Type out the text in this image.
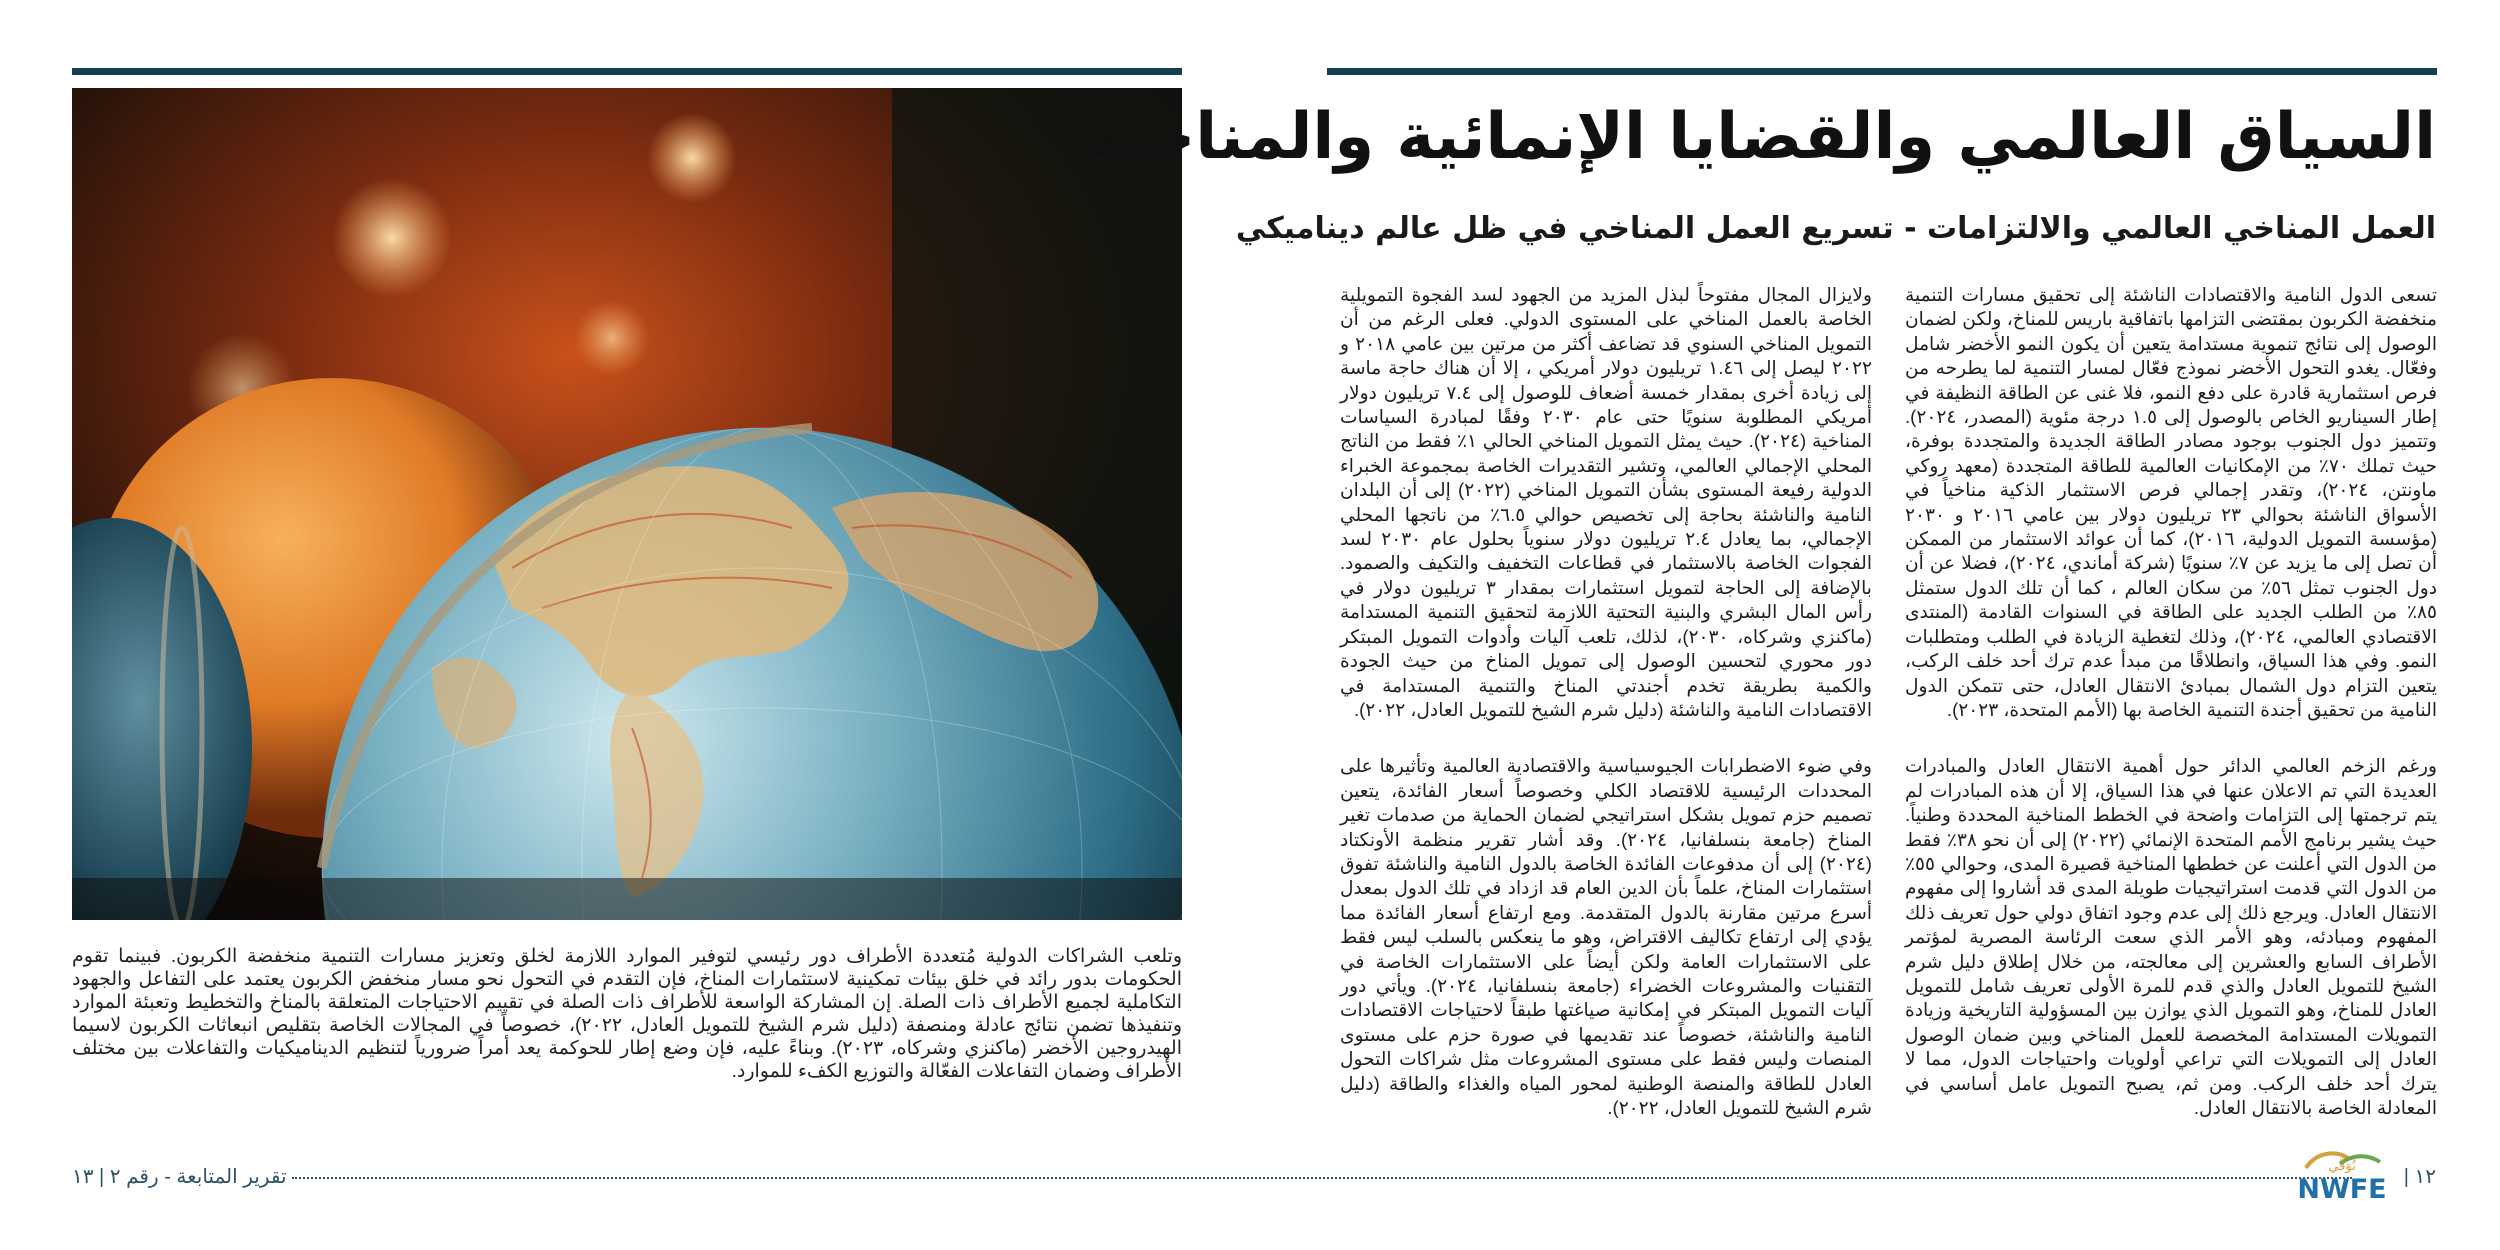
وتلعب الشراكات الدولية مُتعددة الأطراف دور رئيسي لتوفير الموارد اللازمة لخلق وتعزيز مسارات التنمية منخفضة الكربون. فبينما تقوم الحكومات بدور رائد في خلق بيئات تمكينية لاستثمارات المناخ، فإن التقدم في التحول نحو مسار منخفض الكربون يعتمد على التفاعل والجهود التكاملية لجميع الأطراف ذات الصلة. إن المشاركة الواسعة للأطراف ذات الصلة في تقييم الاحتياجات المتعلقة بالمناخ والتخطيط وتعبئة الموارد وتنفيذها تضمن نتائج عادلة ومنصفة (دليل شرم الشيخ للتمويل العادل، ٢٠٢٢)، خصوصاً في المجالات الخاصة بتقليص انبعاثات الكربون لاسيما الهيدروجين الأخضر (ماكنزي وشركاه، ٢٠٢٣). وبناءً عليه، فإن وضع إطار للحوكمة يعد أمراً ضرورياً لتنظيم الديناميكيات والتفاعلات بين مختلف الأطراف وضمان التفاعلات الفعّالة والتوزيع الكفء للموارد.
السياق العالمي والقضايا الإنمائية والمناخية
العمل المناخي العالمي والالتزامات - تسريع العمل المناخي في ظل عالم ديناميكي

تسعى الدول النامية والاقتصادات الناشئة إلى تحقيق مسارات التنمية منخفضة الكربون بمقتضى التزامها باتفاقية باريس للمناخ، ولكن لضمان الوصول إلى نتائج تنموية مستدامة يتعين أن يكون النمو الأخضر شامل وفعّال. يغدو التحول الأخضر نموذج فعّال لمسار التنمية لما يطرحه من فرص استثمارية قادرة على دفع النمو، فلا غنى عن الطاقة النظيفة في إطار السيناريو الخاص بالوصول إلى ١.٥ درجة مئوية (المصدر، ٢٠٢٤). وتتميز دول الجنوب بوجود مصادر الطاقة الجديدة والمتجددة بوفرة، حيث تملك ٧٠٪ من الإمكانيات العالمية للطاقة المتجددة (معهد روكي ماونتن، ٢٠٢٤)، وتقدر إجمالي فرص الاستثمار الذكية مناخياً في الأسواق الناشئة بحوالي ٢٣ تريليون دولار بين عامي ٢٠١٦ و ٢٠٣٠ (مؤسسة التمويل الدولية، ٢٠١٦)، كما أن عوائد الاستثمار من الممكن أن تصل إلى ما يزيد عن ٧٪ سنويًا (شركة أماندي، ٢٠٢٤)، فضلا عن أن دول الجنوب تمثل ٥٦٪ من سكان العالم ، كما أن تلك الدول ستمثل ٨٥٪ من الطلب الجديد على الطاقة في السنوات القادمة (المنتدى الاقتصادي العالمي، ٢٠٢٤)، وذلك لتغطية الزيادة في الطلب ومتطلبات النمو. وفي هذا السياق، وانطلاقًا من مبدأ عدم ترك أحد خلف الركب، يتعين التزام دول الشمال بمبادئ الانتقال العادل، حتى تتمكن الدول النامية من تحقيق أجندة التنمية الخاصة بها (الأمم المتحدة، ٢٠٢٣).

ورغم الزخم العالمي الدائر حول أهمية الانتقال العادل والمبادرات العديدة التي تم الاعلان عنها في هذا السياق، إلا أن هذه المبادرات لم يتم ترجمتها إلى التزامات واضحة في الخطط المناخية المحددة وطنياً. حيث يشير برنامج الأمم المتحدة الإنمائي (٢٠٢٢) إلى أن نحو ٣٨٪ فقط من الدول التي أعلنت عن خططها المناخية قصيرة المدى، وحوالي ٥٥٪ من الدول التي قدمت استراتيجيات طويلة المدى قد أشاروا إلى مفهوم الانتقال العادل. ويرجع ذلك إلى عدم وجود اتفاق دولي حول تعريف ذلك المفهوم ومبادئه، وهو الأمر الذي سعت الرئاسة المصرية لمؤتمر الأطراف السابع والعشرين إلى معالجته، من خلال إطلاق دليل شرم الشيخ للتمويل العادل والذي قدم للمرة الأولى تعريف شامل للتمويل العادل للمناخ، وهو التمويل الذي يوازن بين المسؤولية التاريخية وزيادة التمويلات المستدامة المخصصة للعمل المناخي وبين ضمان الوصول العادل إلى التمويلات التي تراعي أولويات واحتياجات الدول، مما لا يترك أحد خلف الركب. ومن ثم، يصبح التمويل عامل أساسي في المعادلة الخاصة بالانتقال العادل.

ولايزال المجال مفتوحاً لبذل المزيد من الجهود لسد الفجوة التمويلية الخاصة بالعمل المناخي على المستوى الدولي. فعلى الرغم من أن التمويل المناخي السنوي قد تضاعف أكثر من مرتين بين عامي ٢٠١٨ و ٢٠٢٢ ليصل إلى ١.٤٦ تريليون دولار أمريكي ، إلا أن هناك حاجة ماسة إلى زيادة أخرى بمقدار خمسة أضعاف للوصول إلى ٧.٤ تريليون دولار أمريكي المطلوبة سنويًا حتى عام ٢٠٣٠ وفقًا لمبادرة السياسات المناخية (٢٠٢٤). حيث يمثل التمويل المناخي الحالي ١٪ فقط من الناتج المحلي الإجمالي العالمي، وتشير التقديرات الخاصة بمجموعة الخبراء الدولية رفيعة المستوى بشأن التمويل المناخي (٢٠٢٢) إلى أن البلدان النامية والناشئة بحاجة إلى تخصيص حوالي ٦.٥٪ من ناتجها المحلي الإجمالي، بما يعادل ٢.٤ تريليون دولار سنوياً بحلول عام ٢٠٣٠ لسد الفجوات الخاصة بالاستثمار في قطاعات التخفيف والتكيف والصمود. بالإضافة إلى الحاجة لتمويل استثمارات بمقدار ٣ تريليون دولار في رأس المال البشري والبنية التحتية اللازمة لتحقيق التنمية المستدامة (ماكنزي وشركاه، ٢٠٣٠)، لذلك، تلعب آليات وأدوات التمويل المبتكر دور محوري لتحسين الوصول إلى تمويل المناخ من حيث الجودة والكمية بطريقة تخدم أجندتي المناخ والتنمية المستدامة في الاقتصادات النامية والناشئة (دليل شرم الشيخ للتمويل العادل، ٢٠٢٢).

وفي ضوء الاضطرابات الجيوسياسية والاقتصادية العالمية وتأثيرها على المحددات الرئيسية للاقتصاد الكلي وخصوصاً أسعار الفائدة، يتعين تصميم حزم تمويل بشكل استراتيجي لضمان الحماية من صدمات تغير المناخ (جامعة بنسلفانيا، ٢٠٢٤). وقد أشار تقرير منظمة الأونكتاد (٢٠٢٤) إلى أن مدفوعات الفائدة الخاصة بالدول النامية والناشئة تفوق استثمارات المناخ، علماً بأن الدين العام قد ازداد في تلك الدول بمعدل أسرع مرتين مقارنة بالدول المتقدمة. ومع ارتفاع أسعار الفائدة مما يؤدي إلى ارتفاع تكاليف الاقتراض، وهو ما ينعكس بالسلب ليس فقط على الاستثمارات العامة ولكن أيضاً على الاستثمارات الخاصة في التقنيات والمشروعات الخضراء (جامعة بنسلفانيا، ٢٠٢٤). ويأتي دور آليات التمويل المبتكر في إمكانية صياغتها طبقاً لاحتياجات الاقتصادات النامية والناشئة، خصوصاً عند تقديمها في صورة حزم على مستوى المنصات وليس فقط على مستوى المشروعات مثل شراكات التحول العادل للطاقة والمنصة الوطنية لمحور المياه والغذاء والطاقة (دليل شرم الشيخ للتمويل العادل، ٢٠٢٢).

تقرير المتابعة - رقم ٢ | ١٣	| ١٢
نُوَفّي
NWFE
